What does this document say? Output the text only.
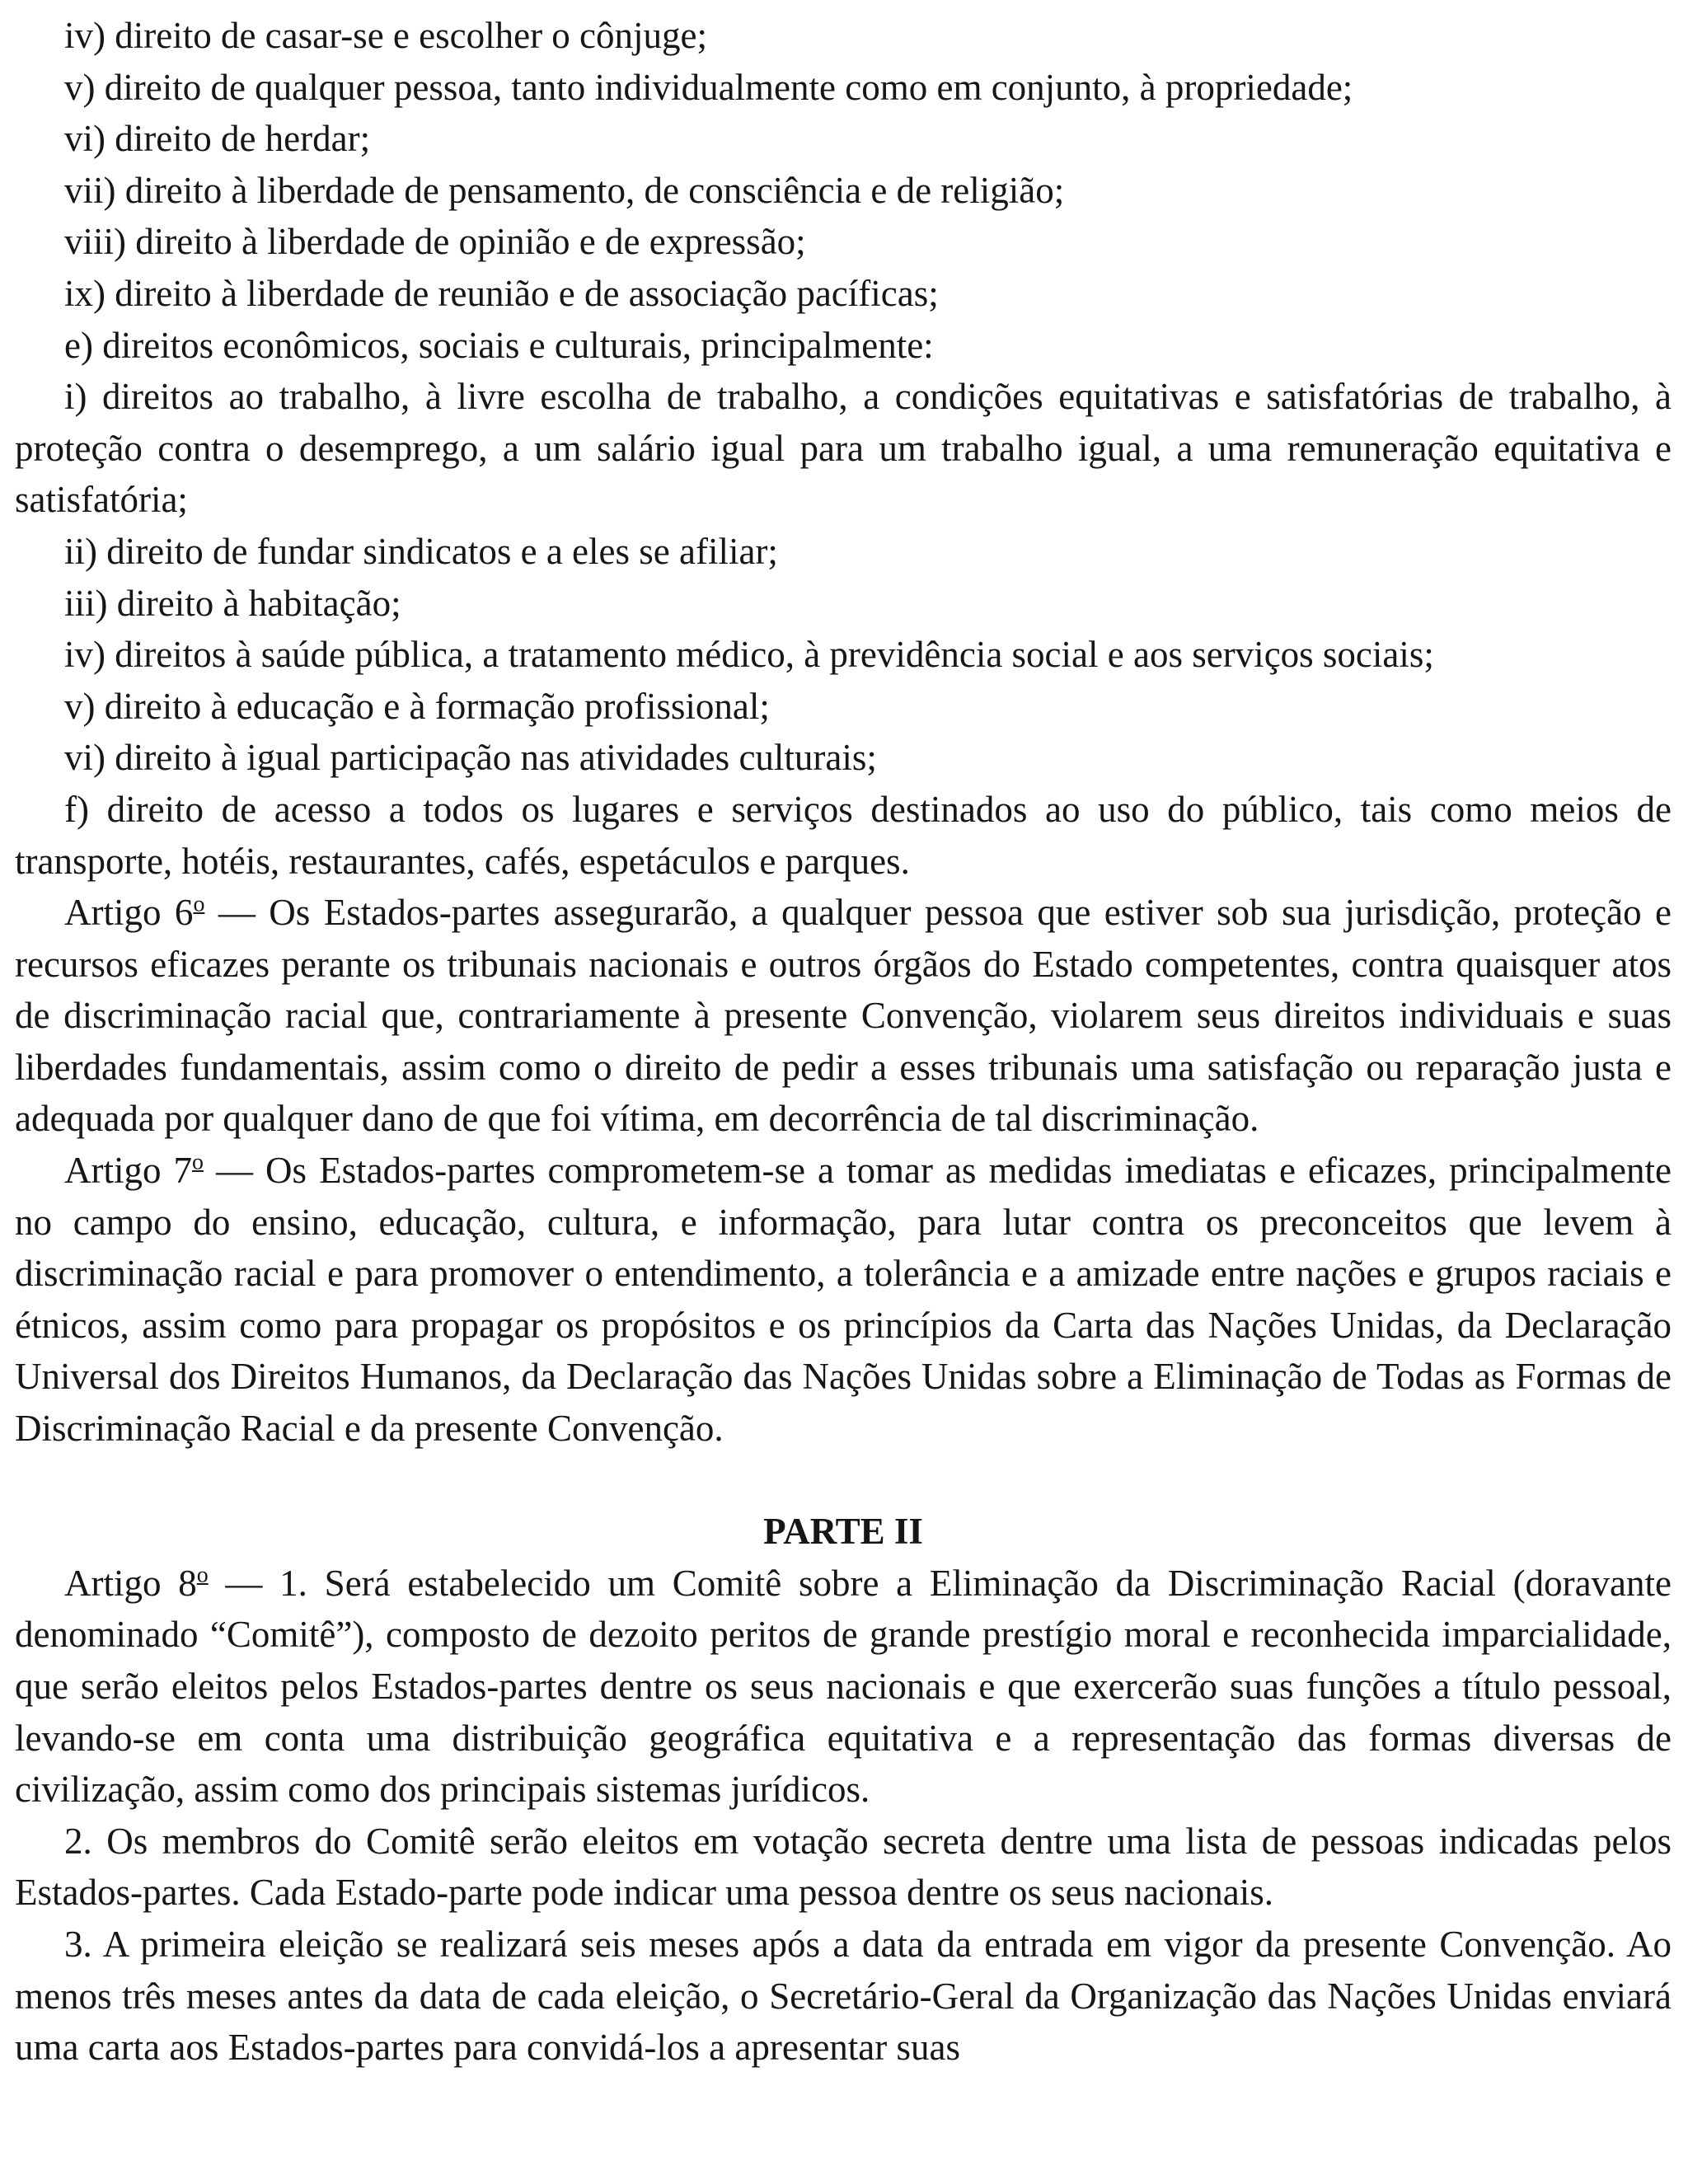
iv) direito de casar-se e escolher o cônjuge;

v) direito de qualquer pessoa, tanto individualmente como em conjunto, à propriedade;

vi) direito de herdar;

vii) direito à liberdade de pensamento, de consciência e de religião;

viii) direito à liberdade de opinião e de expressão;

ix) direito à liberdade de reunião e de associação pacíficas;

e) direitos econômicos, sociais e culturais, principalmente:

i) direitos ao trabalho, à livre escolha de trabalho, a condições equitativas e satisfatórias de trabalho, à proteção contra o desemprego, a um salário igual para um trabalho igual, a uma remuneração equitativa e satisfatória;

ii) direito de fundar sindicatos e a eles se afiliar;

iii) direito à habitação;

iv) direitos à saúde pública, a tratamento médico, à previdência social e aos serviços sociais;

v) direito à educação e à formação profissional;

vi) direito à igual participação nas atividades culturais;

f) direito de acesso a todos os lugares e serviços destinados ao uso do público, tais como meios de transporte, hotéis, restaurantes, cafés, espetáculos e parques.

Artigo 6$^o$ — Os Estados-partes assegurarão, a qualquer pessoa que estiver sob sua jurisdição, proteção e recursos eficazes perante os tribunais nacionais e outros órgãos do Estado competentes, contra quaisquer atos de discriminação racial que, contrariamente à presente Convenção, violarem seus direitos individuais e suas liberdades fundamentais, assim como o direito de pedir a esses tribunais uma satisfação ou reparação justa e adequada por qualquer dano de que foi vítima, em decorrência de tal discriminação.

Artigo 7$^o$ — Os Estados-partes comprometem-se a tomar as medidas imediatas e eficazes, principalmente no campo do ensino, educação, cultura, e informação, para lutar contra os preconceitos que levem à discriminação racial e para promover o entendimento, a tolerância e a amizade entre nações e grupos raciais e étnicos, assim como para propagar os propósitos e os princípios da Carta das Nações Unidas, da Declaração Universal dos Direitos Humanos, da Declaração das Nações Unidas sobre a Eliminação de Todas as Formas de Discriminação Racial e da presente Convenção.

PARTE II

Artigo 8$^o$ — 1. Será estabelecido um Comitê sobre a Eliminação da Discriminação Racial (doravante denominado “Comitê”), composto de dezoito peritos de grande prestígio moral e reconhecida imparcialidade, que serão eleitos pelos Estados-partes dentre os seus nacionais e que exercerão suas funções a título pessoal, levando-se em conta uma distribuição geográfica equitativa e a representação das formas diversas de civilização, assim como dos principais sistemas jurídicos.

2. Os membros do Comitê serão eleitos em votação secreta dentre uma lista de pessoas indicadas pelos Estados-partes. Cada Estado-parte pode indicar uma pessoa dentre os seus nacionais.

3. A primeira eleição se realizará seis meses após a data da entrada em vigor da presente Convenção. Ao menos três meses antes da data de cada eleição, o Secretário-Geral da Organização das Nações Unidas enviará uma carta aos Estados-partes para convidá-los a apresentar suas
